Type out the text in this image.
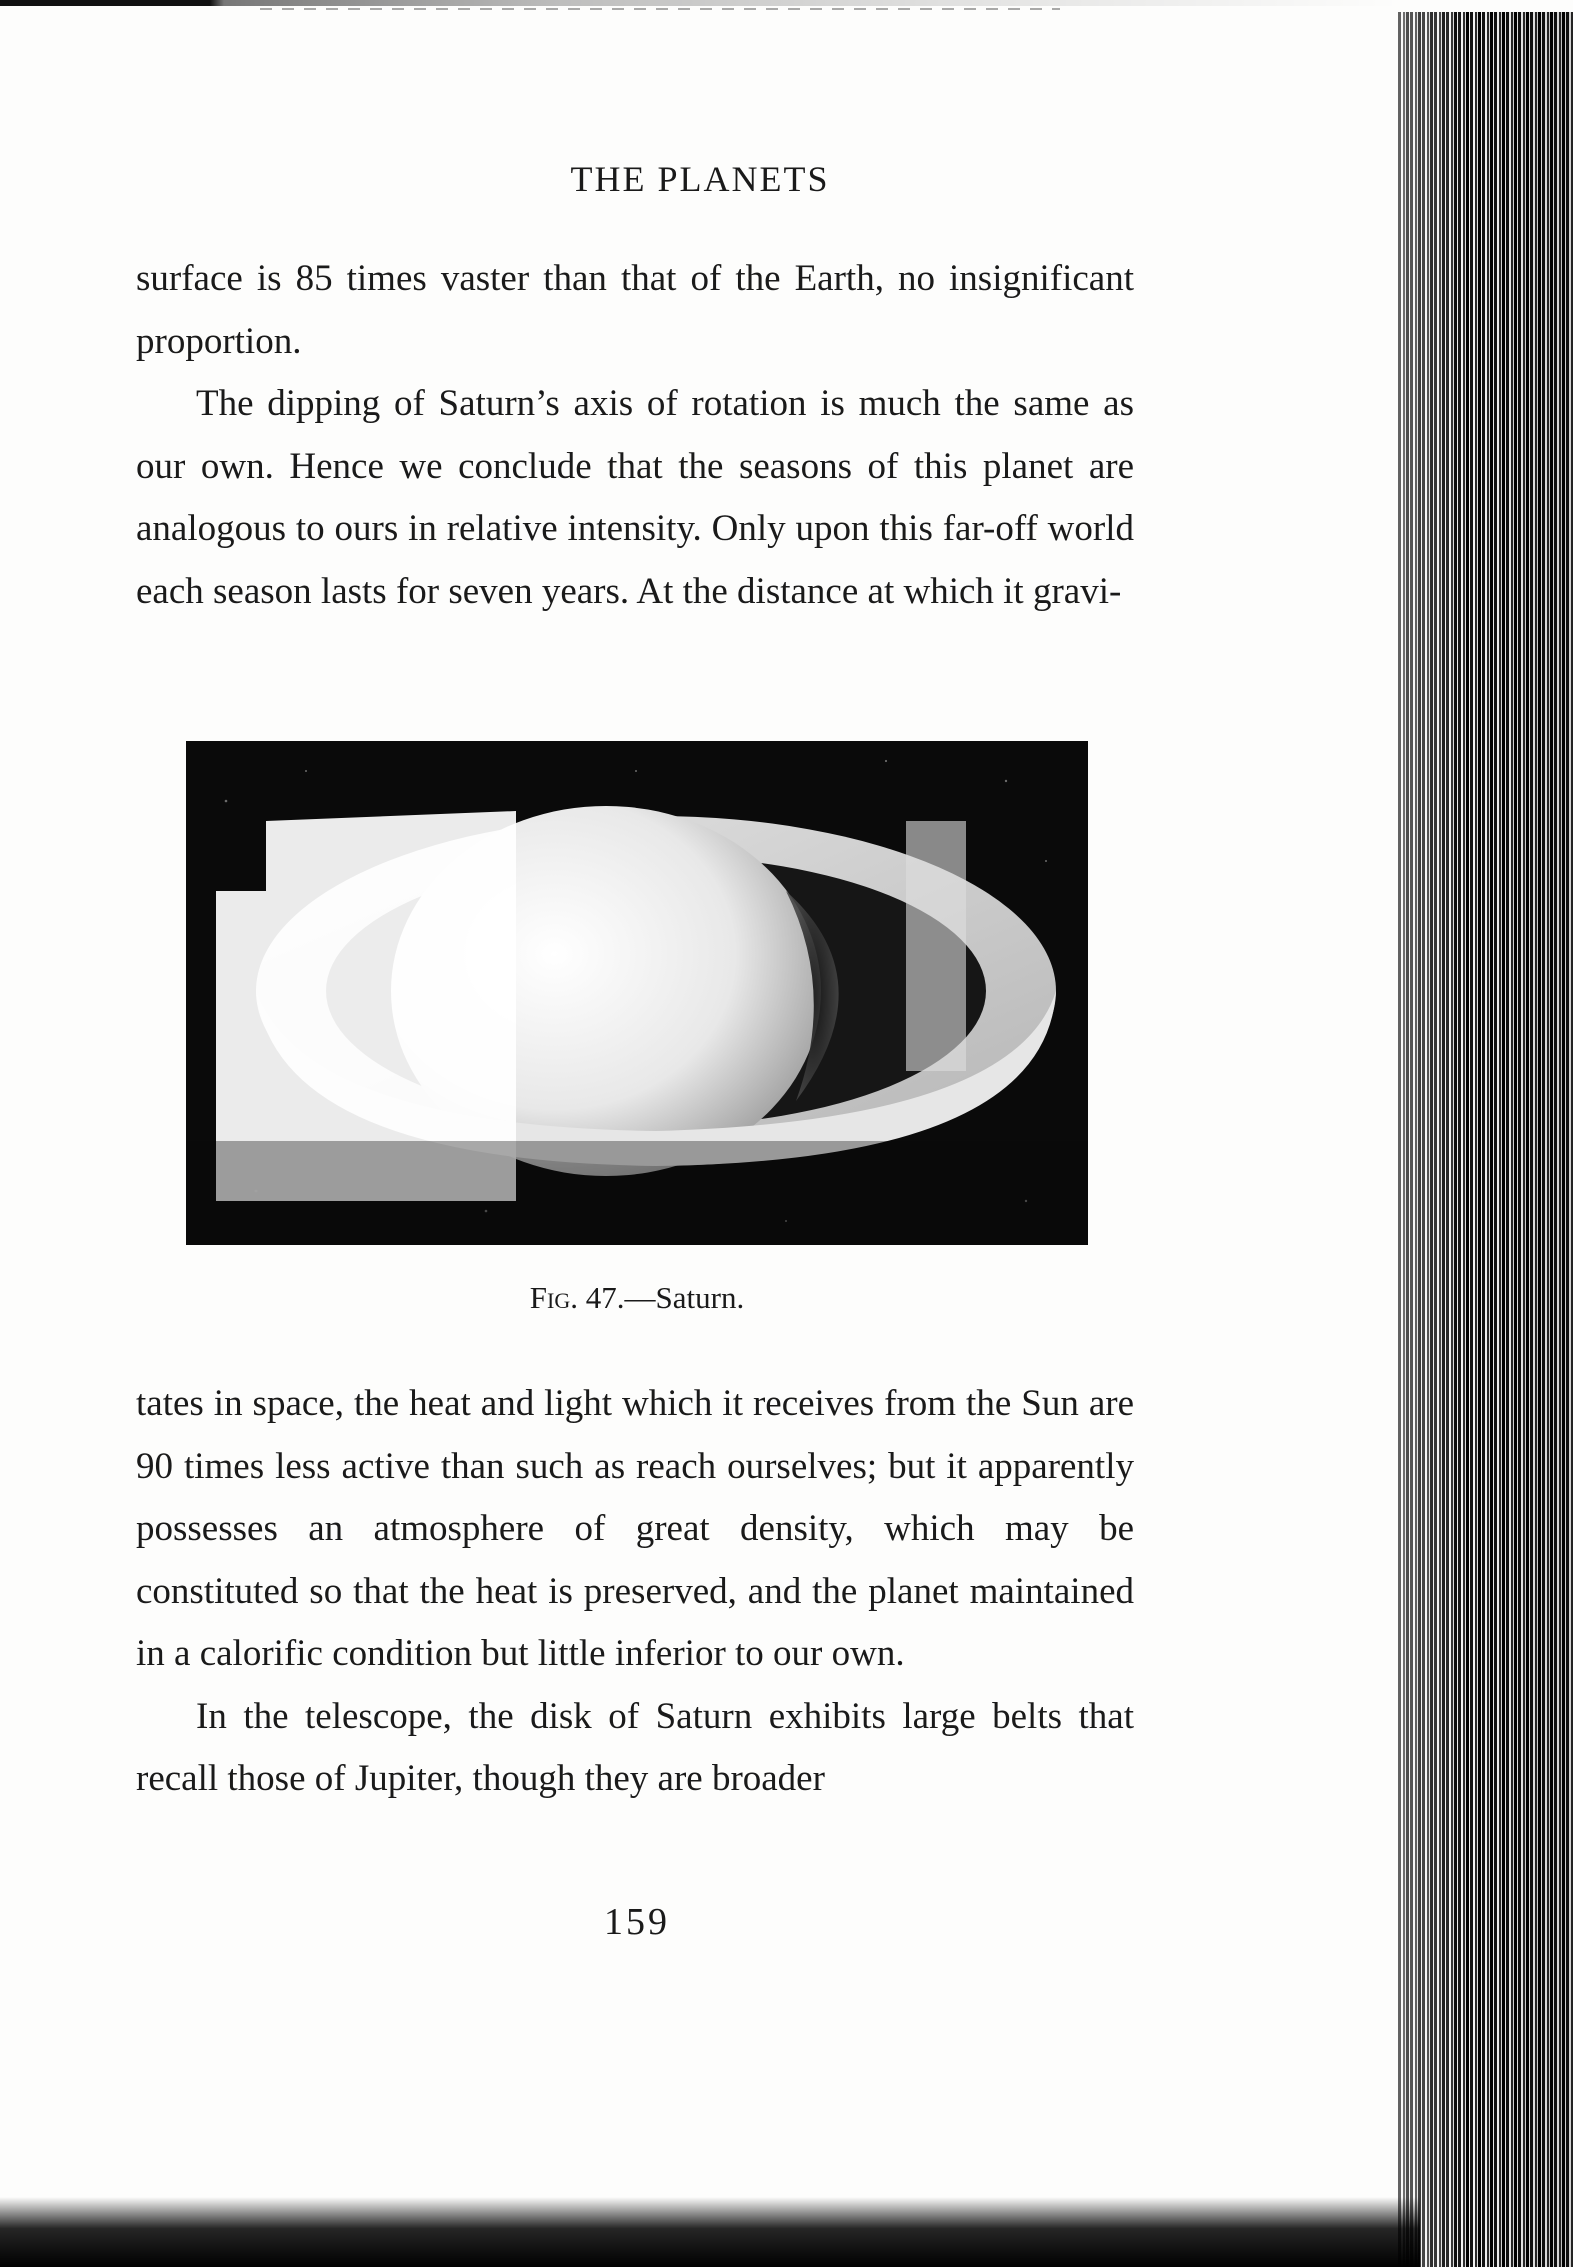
THE PLANETS

surface is 85 times vaster than that of the Earth, no insignificant proportion.

The dipping of Saturn’s axis of rotation is much the same as our own. Hence we conclude that the seasons of this planet are analogous to ours in relative intensity. Only upon this far-off world each season lasts for seven years. At the distance at which it gravi-

Fig. 47.—Saturn.

tates in space, the heat and light which it receives from the Sun are 90 times less active than such as reach ourselves; but it apparently possesses an atmosphere of great density, which may be constituted so that the heat is preserved, and the planet maintained in a calorific condition but little inferior to our own.

In the telescope, the disk of Saturn exhibits large belts that recall those of Jupiter, though they are broader

159
